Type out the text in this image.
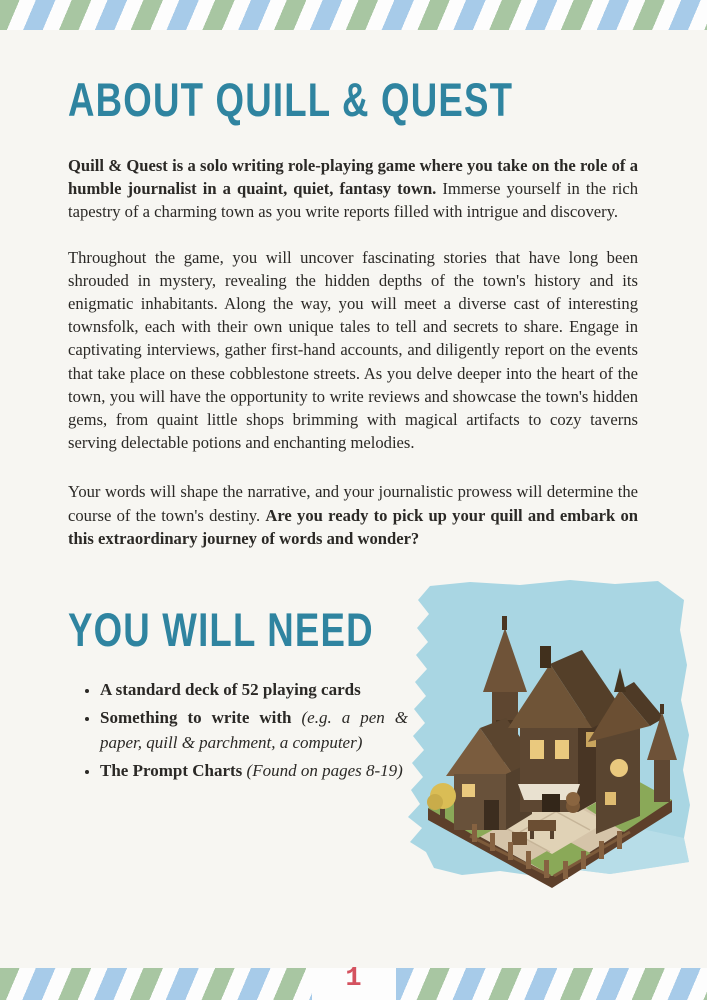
ABOUT QUILL & QUEST

Quill & Quest is a solo writing role-playing game where you take on the role of a humble journalist in a quaint, quiet, fantasy town. Immerse yourself in the rich tapestry of a charming town as you write reports filled with intrigue and discovery.

Throughout the game, you will uncover fascinating stories that have long been shrouded in mystery, revealing the hidden depths of the town's history and its enigmatic inhabitants. Along the way, you will meet a diverse cast of interesting townsfolk, each with their own unique tales to tell and secrets to share. Engage in captivating interviews, gather first-hand accounts, and diligently report on the events that take place on these cobblestone streets. As you delve deeper into the heart of the town, you will have the opportunity to write reviews and showcase the town's hidden gems, from quaint little shops brimming with magical artifacts to cozy taverns serving delectable potions and enchanting melodies.

Your words will shape the narrative, and your journalistic prowess will determine the course of the town's destiny. Are you ready to pick up your quill and embark on this extraordinary journey of words and wonder?

YOU WILL NEED
• A standard deck of 52 playing cards
• Something to write with (e.g. a pen & paper, quill & parchment, a computer)
• The Prompt Charts (Found on pages 8-19)
1
